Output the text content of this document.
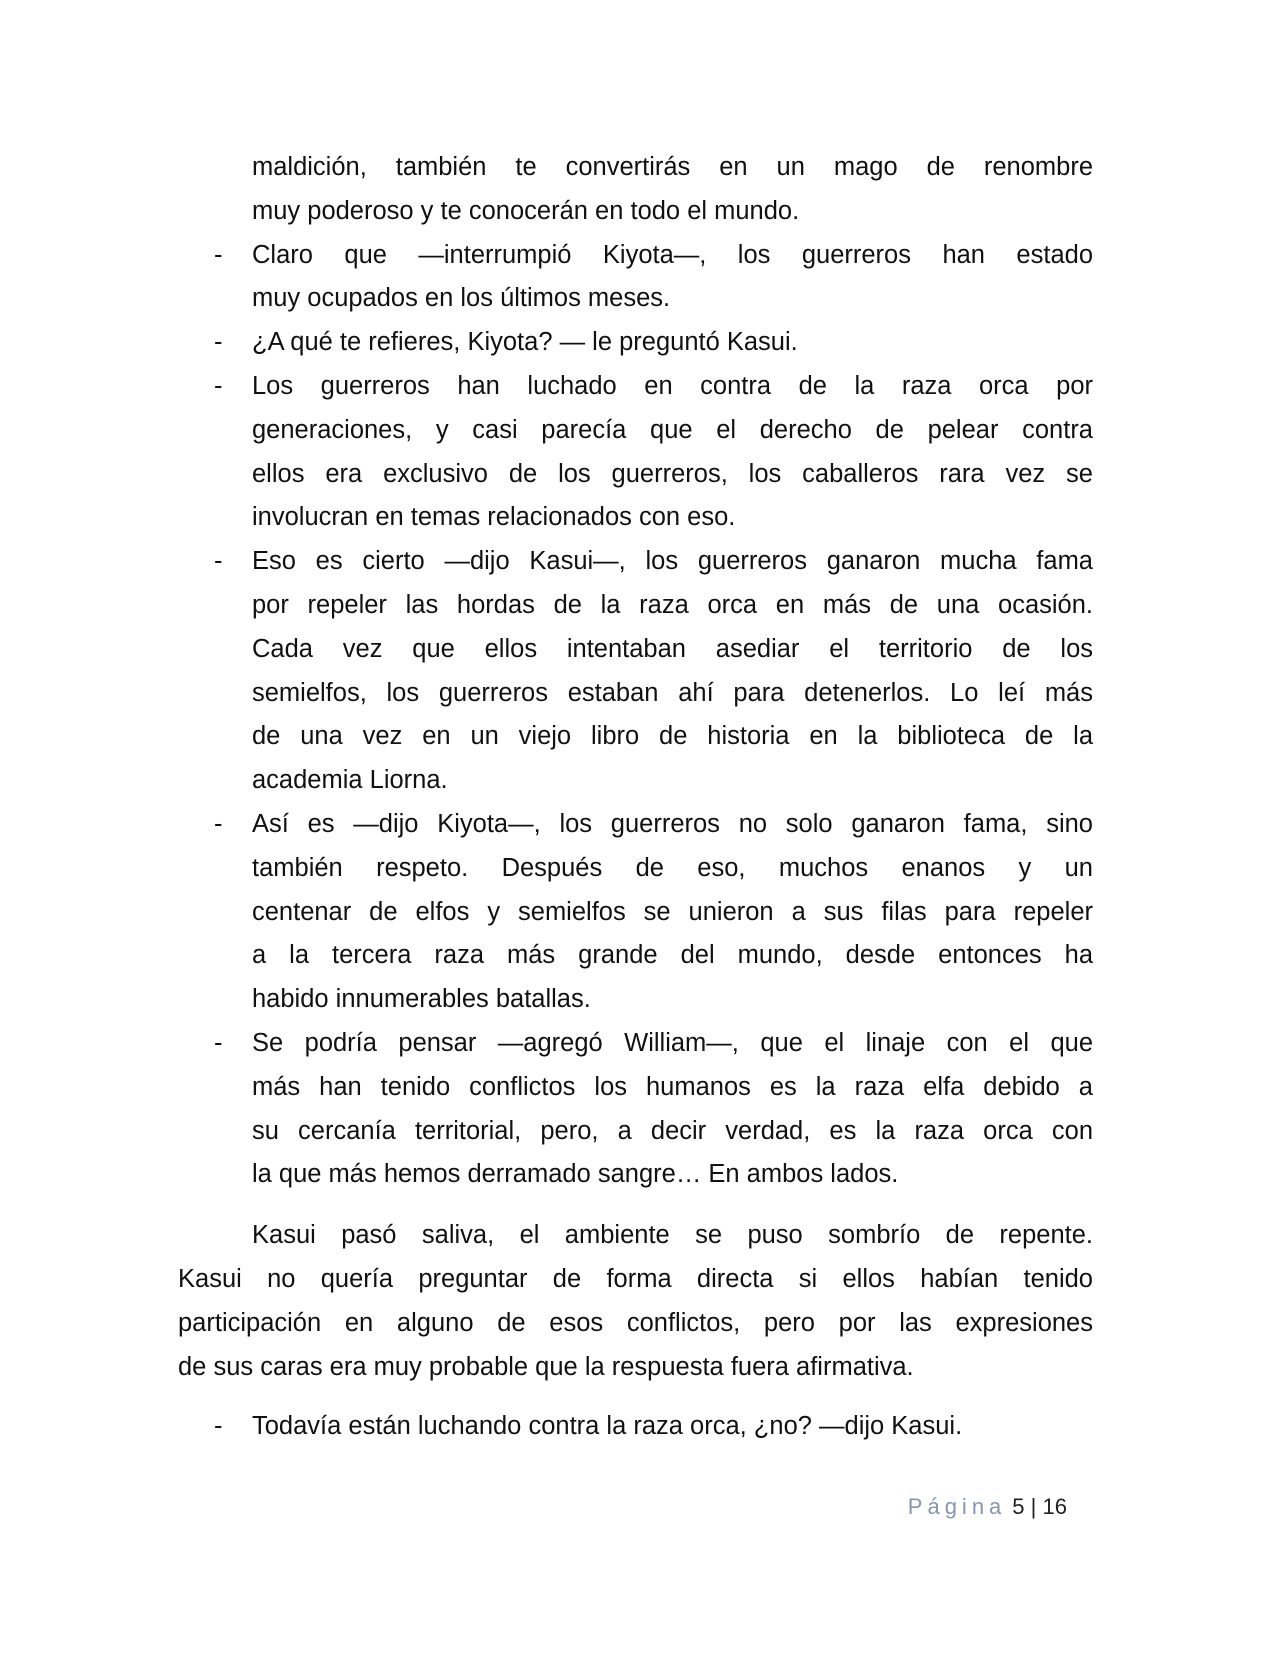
maldición, también te convertirás en un mago de renombre
muy poderoso y te conocerán en todo el mundo.
- Claro que —interrumpió Kiyota—, los guerreros han estado
muy ocupados en los últimos meses.
- ¿A qué te refieres, Kiyota? — le preguntó Kasui.
- Los guerreros han luchado en contra de la raza orca por
generaciones, y casi parecía que el derecho de pelear contra
ellos era exclusivo de los guerreros, los caballeros rara vez se
involucran en temas relacionados con eso.
- Eso es cierto —dijo Kasui—, los guerreros ganaron mucha fama
por repeler las hordas de la raza orca en más de una ocasión.
Cada vez que ellos intentaban asediar el territorio de los
semielfos, los guerreros estaban ahí para detenerlos. Lo leí más
de una vez en un viejo libro de historia en la biblioteca de la
academia Liorna.
- Así es —dijo Kiyota—, los guerreros no solo ganaron fama, sino
también respeto. Después de eso, muchos enanos y un
centenar de elfos y semielfos se unieron a sus filas para repeler
a la tercera raza más grande del mundo, desde entonces ha
habido innumerables batallas.
- Se podría pensar —agregó William—, que el linaje con el que
más han tenido conflictos los humanos es la raza elfa debido a
su cercanía territorial, pero, a decir verdad, es la raza orca con
la que más hemos derramado sangre… En ambos lados.
Kasui pasó saliva, el ambiente se puso sombrío de repente.
Kasui no quería preguntar de forma directa si ellos habían tenido
participación en alguno de esos conflictos, pero por las expresiones
de sus caras era muy probable que la respuesta fuera afirmativa.
- Todavía están luchando contra la raza orca, ¿no? —dijo Kasui.
Página 5 | 16
